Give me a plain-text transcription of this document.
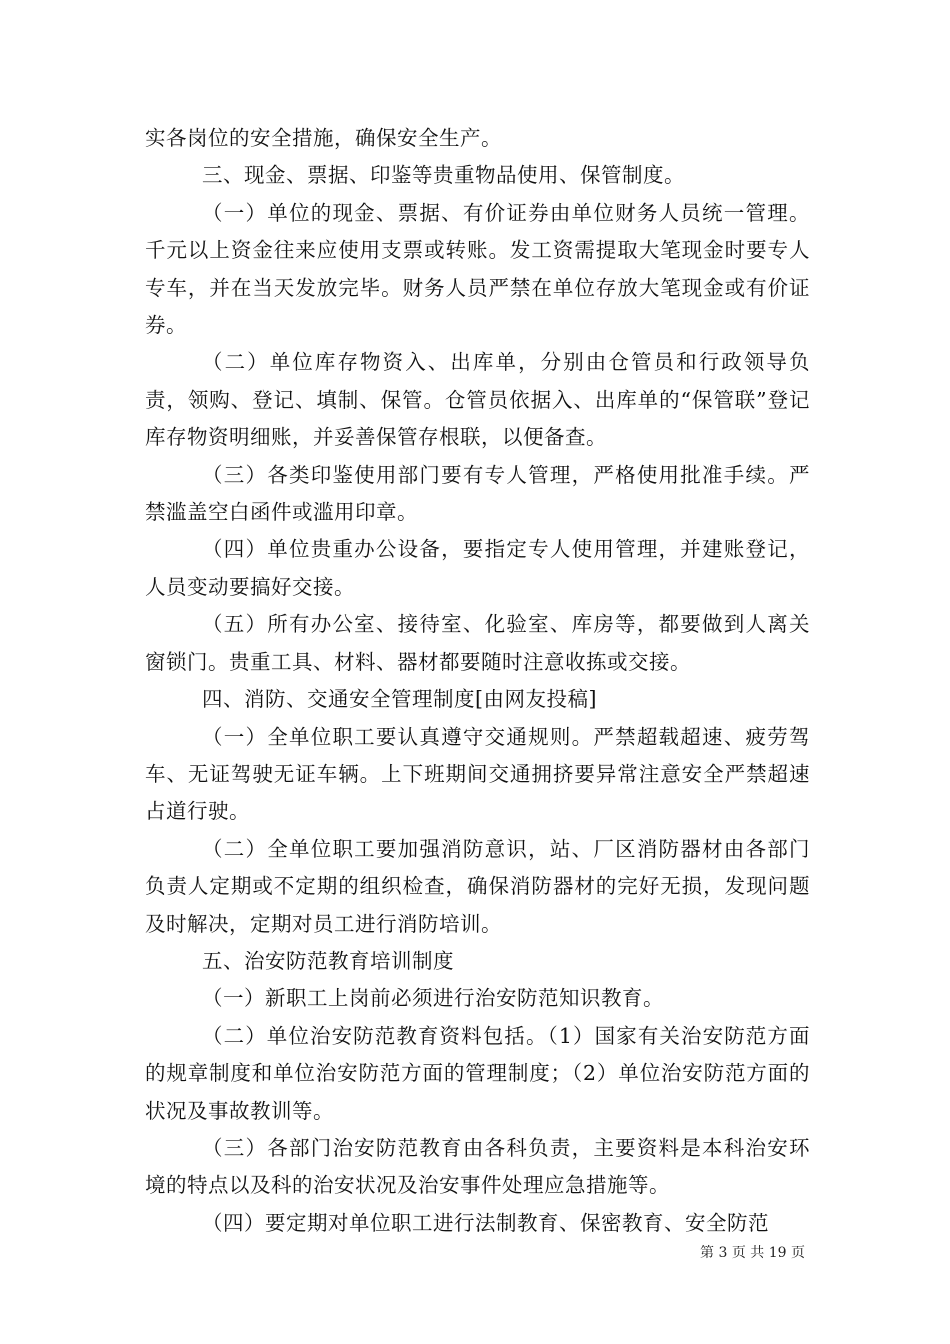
实各岗位的安全措施，确保安全生产。

三、现金、票据、印鉴等贵重物品使用、保管制度。

（一）单位的现金、票据、有价证券由单位财务人员统一管理。千元以上资金往来应使用支票或转账。发工资需提取大笔现金时要专人专车，并在当天发放完毕。财务人员严禁在单位存放大笔现金或有价证券。

（二）单位库存物资入、出库单，分别由仓管员和行政领导负责，领购、登记、填制、保管。仓管员依据入、出库单的“保管联”登记库存物资明细账，并妥善保管存根联，以便备查。

（三）各类印鉴使用部门要有专人管理，严格使用批准手续。严禁滥盖空白函件或滥用印章。

（四）单位贵重办公设备，要指定专人使用管理，并建账登记，人员变动要搞好交接。

（五）所有办公室、接待室、化验室、库房等，都要做到人离关窗锁门。贵重工具、材料、器材都要随时注意收拣或交接。

四、消防、交通安全管理制度[由网友投稿]

（一）全单位职工要认真遵守交通规则。严禁超载超速、疲劳驾车、无证驾驶无证车辆。上下班期间交通拥挤要异常注意安全严禁超速占道行驶。

（二）全单位职工要加强消防意识，站、厂区消防器材由各部门负责人定期或不定期的组织检查，确保消防器材的完好无损，发现问题及时解决，定期对员工进行消防培训。

五、治安防范教育培训制度

（一）新职工上岗前必须进行治安防范知识教育。

（二）单位治安防范教育资料包括。（1）国家有关治安防范方面的规章制度和单位治安防范方面的管理制度；（2）单位治安防范方面的状况及事故教训等。

（三）各部门治安防范教育由各科负责，主要资料是本科治安环境的特点以及科的治安状况及治安事件处理应急措施等。

（四）要定期对单位职工进行法制教育、保密教育、安全防范

第 3 页 共 19 页
